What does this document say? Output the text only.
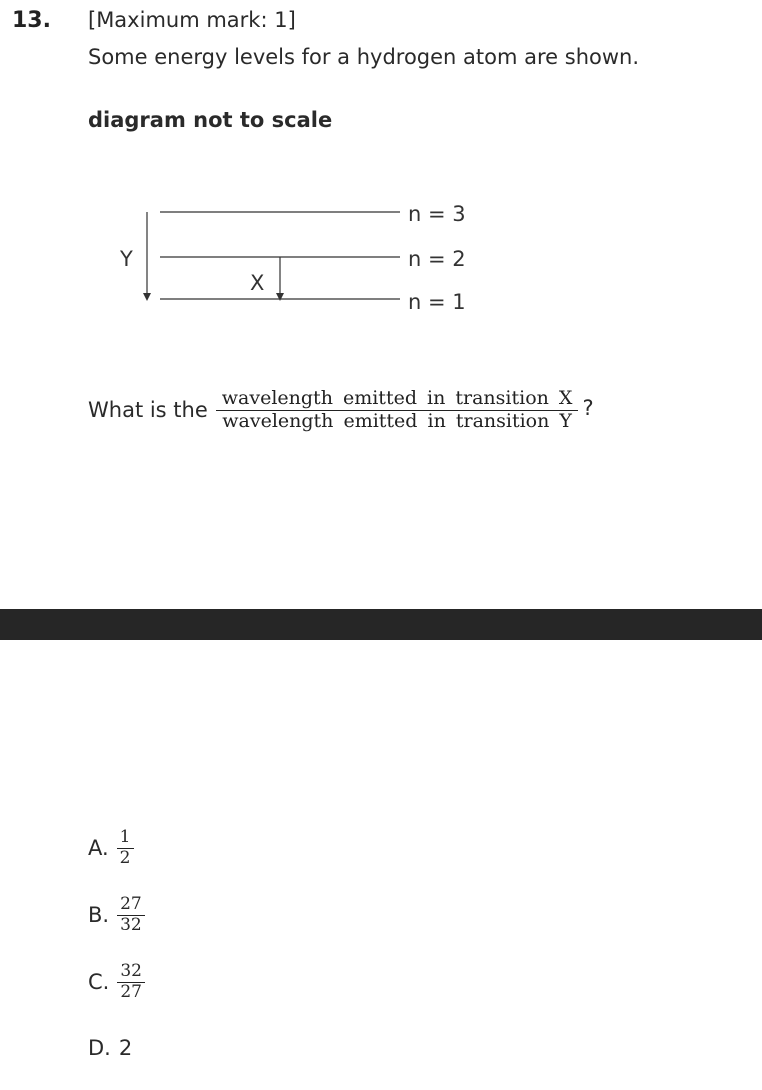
13. [Maximum mark: 1]
Some energy levels for a hydrogen atom are shown.
diagram not to scale
Y
X
n = 3
n = 2
n = 1
What is the $\frac{\text{wavelength emitted in transition X}}{\text{wavelength emitted in transition Y}}$ ?
A. $\frac{1}{2}$
B. $\frac{27}{32}$
C. $\frac{32}{27}$
D. 2
